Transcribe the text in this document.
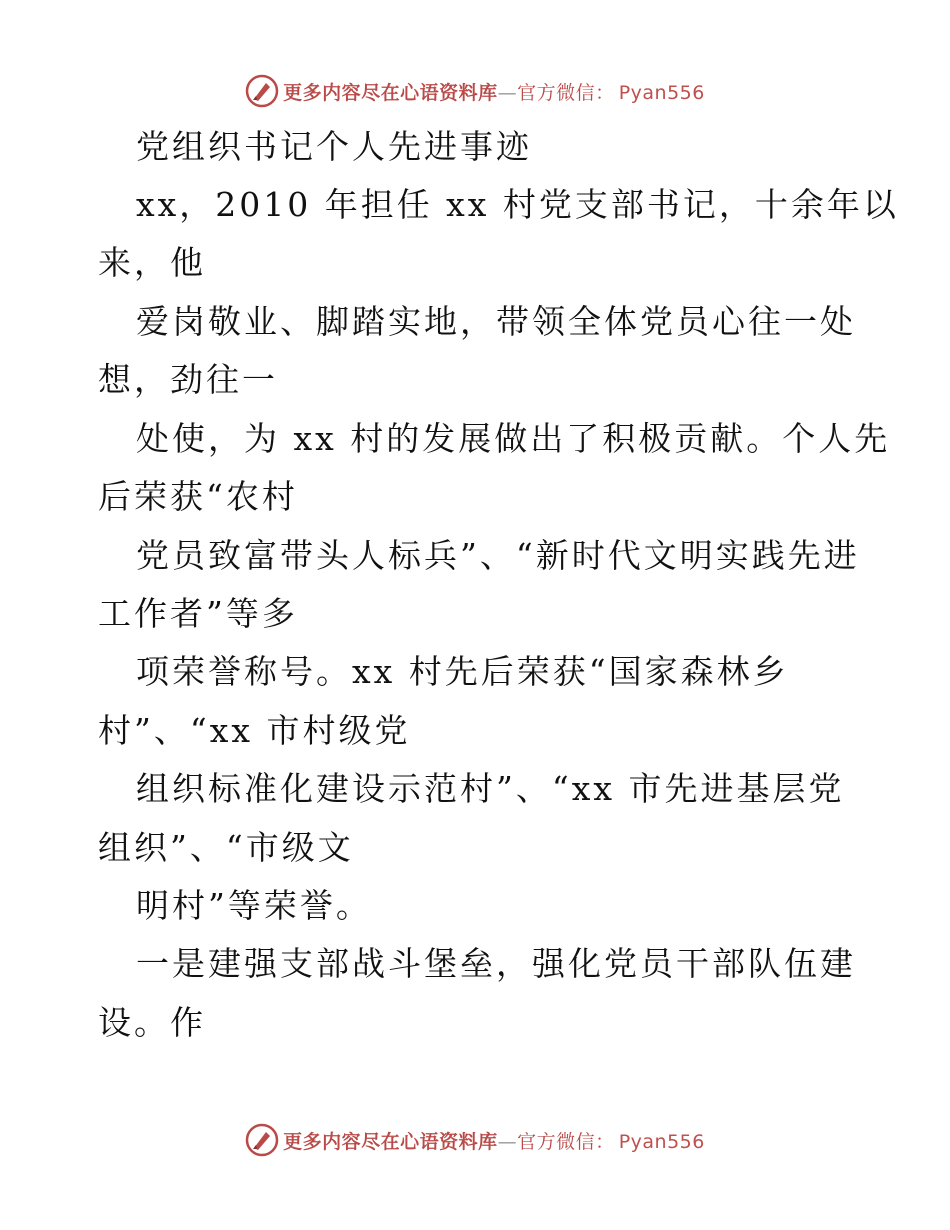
更多内容尽在心语资料库—官方微信： Pyan556
党组织书记个人先进事迹
xx，2010 年担任 xx 村党支部书记，十余年以
来，他
爱岗敬业、脚踏实地，带领全体党员心往一处
想，劲往一
处使，为 xx 村的发展做出了积极贡献。个人先
后荣获“农村
党员致富带头人标兵”、“新时代文明实践先进
工作者”等多
项荣誉称号。xx 村先后荣获“国家森林乡
村”、“xx 市村级党
组织标准化建设示范村”、“xx 市先进基层党
组织”、“市级文
明村”等荣誉。
一是建强支部战斗堡垒，强化党员干部队伍建
设。作
更多内容尽在心语资料库—官方微信： Pyan556
